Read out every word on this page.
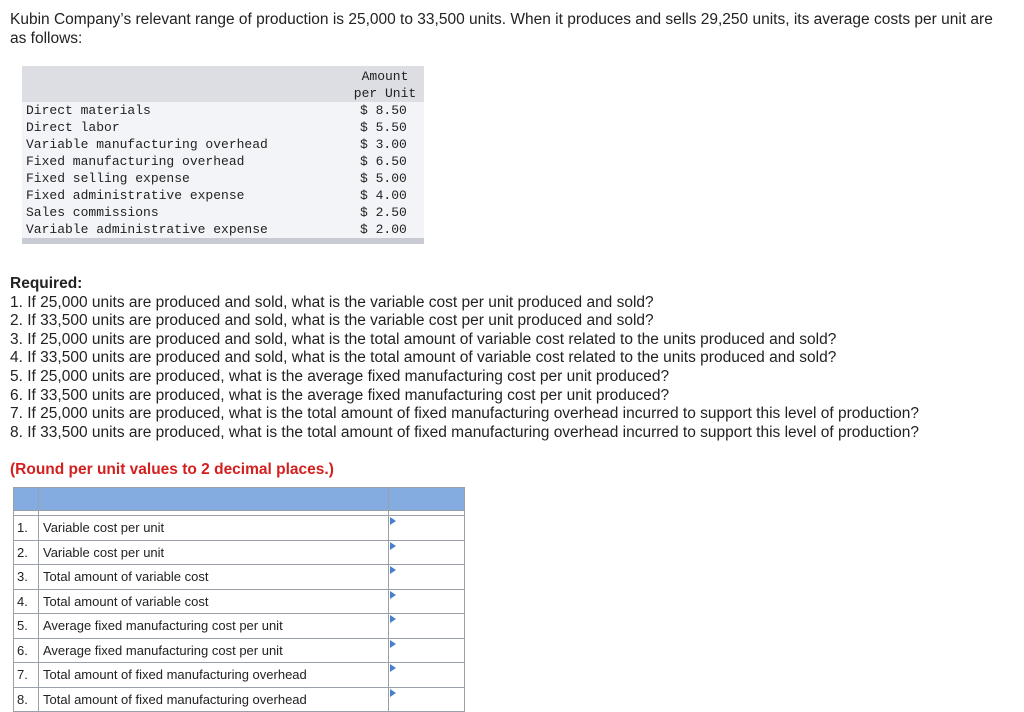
Kubin Company’s relevant range of production is 25,000 to 33,500 units. When it produces and sells 29,250 units, its average costs per unit are as follows:

	Amount
per Unit

Direct materials	$ 8.50
Direct labor	$ 5.50
Variable manufacturing overhead	$ 3.00
Fixed manufacturing overhead	$ 6.50
Fixed selling expense	$ 5.00
Fixed administrative expense	$ 4.00
Sales commissions	$ 2.50
Variable administrative expense	$ 2.00

Required:
1. If 25,000 units are produced and sold, what is the variable cost per unit produced and sold?
2. If 33,500 units are produced and sold, what is the variable cost per unit produced and sold?
3. If 25,000 units are produced and sold, what is the total amount of variable cost related to the units produced and sold?
4. If 33,500 units are produced and sold, what is the total amount of variable cost related to the units produced and sold?
5. If 25,000 units are produced, what is the average fixed manufacturing cost per unit produced?
6. If 33,500 units are produced, what is the average fixed manufacturing cost per unit produced?
7. If 25,000 units are produced, what is the total amount of fixed manufacturing overhead incurred to support this level of production?
8. If 33,500 units are produced, what is the total amount of fixed manufacturing overhead incurred to support this level of production?
(Round per unit values to 2 decimal places.)

1.	Variable cost per unit	

2.	Variable cost per unit	

3.	Total amount of variable cost	

4.	Total amount of variable cost	

5.	Average fixed manufacturing cost per unit	

6.	Average fixed manufacturing cost per unit	

7.	Total amount of fixed manufacturing overhead	

8.	Total amount of fixed manufacturing overhead	
